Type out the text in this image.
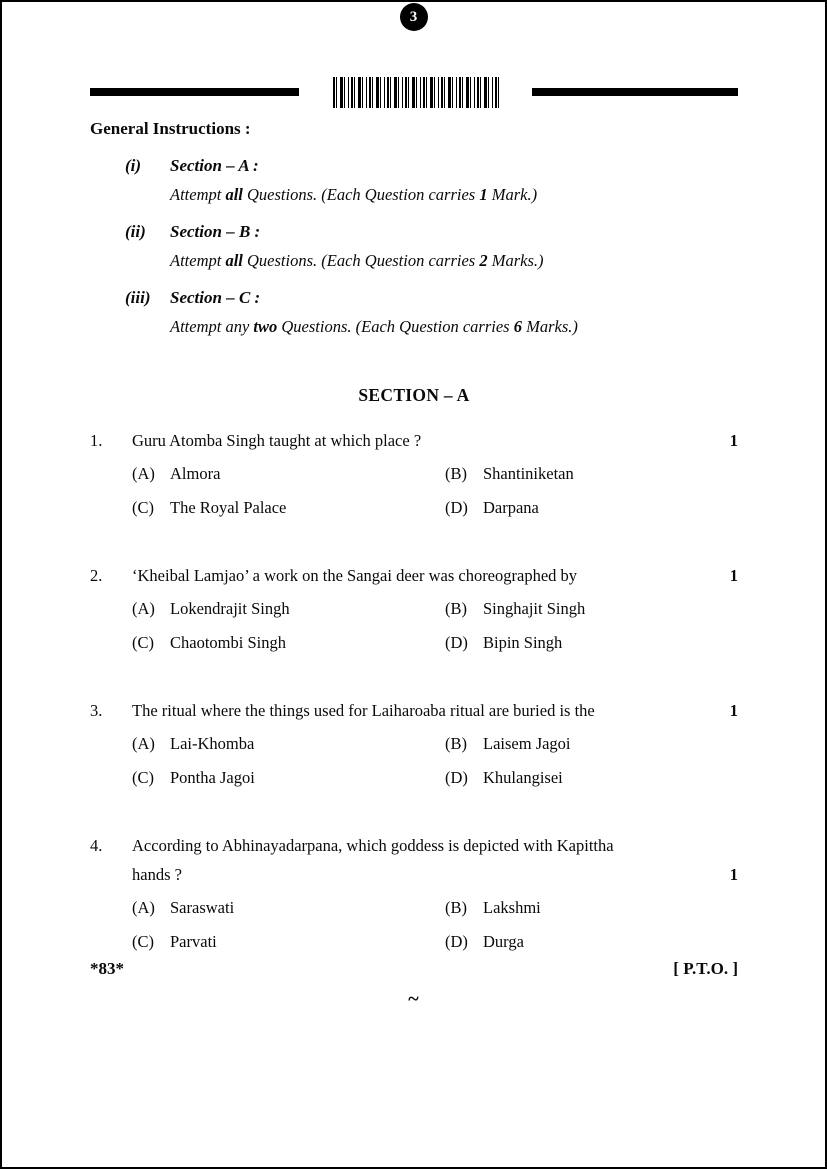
General Instructions :
(i)	Section – A :
Attempt all Questions. (Each Question carries 1 Mark.)
(ii)	Section – B :
Attempt all Questions. (Each Question carries 2 Marks.)
(iii)	Section – C :
Attempt any two Questions. (Each Question carries 6 Marks.)
SECTION – A
1.	Guru Atomba Singh taught at which place ?	1
(A) Almora	(B) Shantiniketan
(C) The Royal Palace	(D) Darpana
2.	‘Kheibal Lamjao’ a work on the Sangai deer was choreographed by	1
(A) Lokendrajit Singh	(B) Singhajit Singh
(C) Chaotombi Singh	(D) Bipin Singh
3.	The ritual where the things used for Laiharoaba ritual are buried is the	1
(A) Lai-Khomba	(B) Laisem Jagoi
(C) Pontha Jagoi	(D) Khulangisei
4.	According to Abhinayadarpana, which goddess is depicted with Kapittha
hands ?	1
(A) Saraswati	(B) Lakshmi
(C) Parvati	(D) Durga
*83*	[ P.T.O. ]
3
~
